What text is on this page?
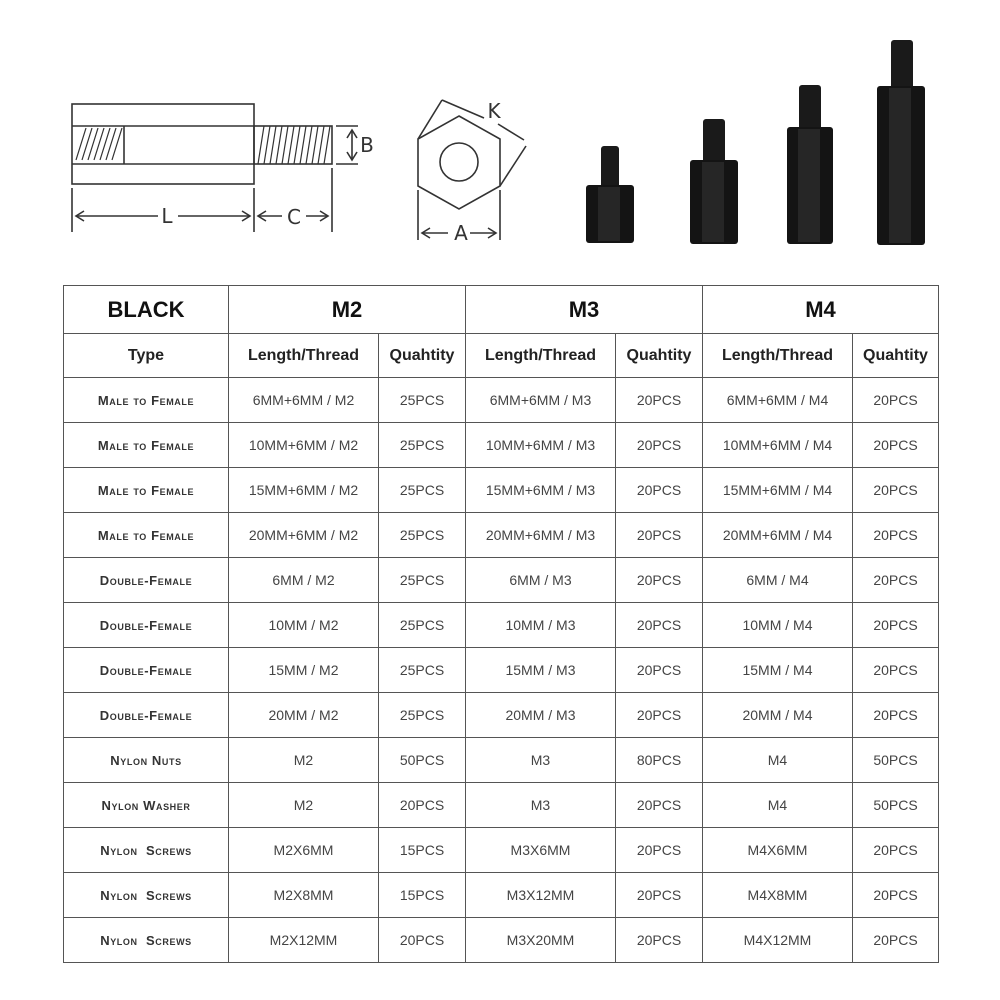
L	C
B
A
K
BLACK	M2		M3		M4	
Type	Length/Thread	Quahtity	Length/Thread	Quahtity	Length/Thread	Quahtity
Male to Female	6MM+6MM / M2	25PCS	6MM+6MM / M3	20PCS	6MM+6MM / M4	20PCS
Male to Female	10MM+6MM / M2	25PCS	10MM+6MM / M3	20PCS	10MM+6MM / M4	20PCS
Male to Female	15MM+6MM / M2	25PCS	15MM+6MM / M3	20PCS	15MM+6MM / M4	20PCS
Male to Female	20MM+6MM / M2	25PCS	20MM+6MM / M3	20PCS	20MM+6MM / M4	20PCS
Double-Female	6MM / M2	25PCS	6MM / M3	20PCS	6MM / M4	20PCS
Double-Female	10MM / M2	25PCS	10MM / M3	20PCS	10MM / M4	20PCS
Double-Female	15MM / M2	25PCS	15MM / M3	20PCS	15MM / M4	20PCS
Double-Female	20MM / M2	25PCS	20MM / M3	20PCS	20MM / M4	20PCS
Nylon Nuts	M2	50PCS	M3	80PCS	M4	50PCS
Nylon Washer	M2	20PCS	M3	20PCS	M4	50PCS
Nylon  Screws	M2X6MM	15PCS	M3X6MM	20PCS	M4X6MM	20PCS
Nylon  Screws	M2X8MM	15PCS	M3X12MM	20PCS	M4X8MM	20PCS
Nylon  Screws	M2X12MM	20PCS	M3X20MM	20PCS	M4X12MM	20PCS
